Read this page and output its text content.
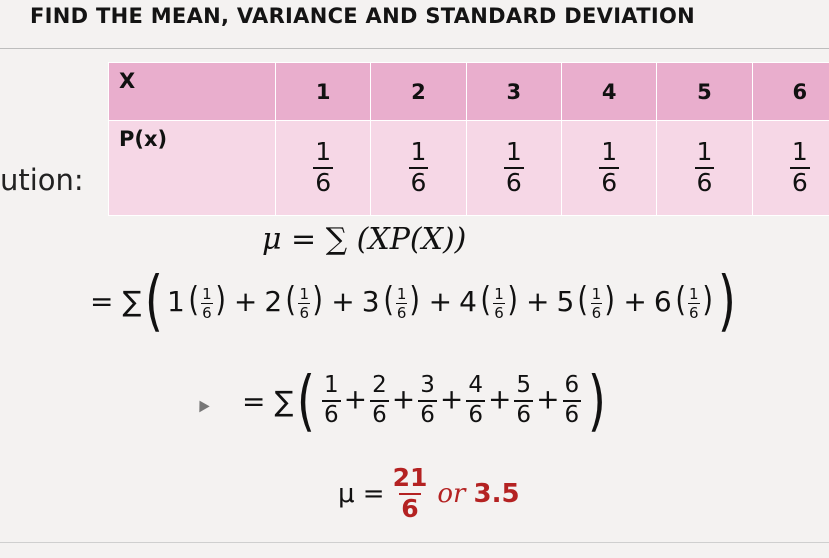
FIND THE MEAN, VARIANCE AND STANDARD DEVIATION
ution:
X	1	2	3	4	5	6
P(x)	$\frac{1}{6}$	$\frac{1}{6}$	$\frac{1}{6}$	$\frac{1}{6}$	$\frac{1}{6}$	$\frac{1}{6}$
μ = ∑ (XP(X))
= ∑ ( $1( \frac{1}{6}$ ) + $2( \frac{1}{6}$ ) + $3( \frac{1}{6}$ ) + $4( \frac{1}{6}$ ) + $5( \frac{1}{6}$ ) + $6( \frac{1}{6}$ ) )
= ∑ ( $\frac{1}{6} + \frac{2}{6} + \frac{3}{6} + \frac{4}{6} + \frac{5}{6} + \frac{6}{6}$ )
$\mu = \frac{21}{6}$ or 3.5
